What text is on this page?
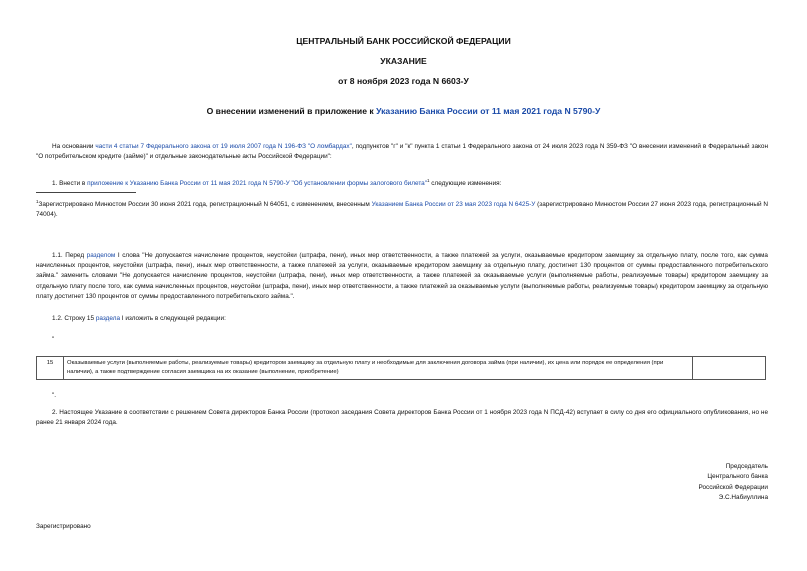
ЦЕНТРАЛЬНЫЙ БАНК РОССИЙСКОЙ ФЕДЕРАЦИИ
УКАЗАНИЕ
от 8 ноября 2023 года N 6603-У
О внесении изменений в приложение к Указанию Банка России от 11 мая 2021 года N 5790-У
На основании части 4 статьи 7 Федерального закона от 19 июля 2007 года N 196-ФЗ "О ломбардах", подпунктов "г" и "к" пункта 1 статьи 1 Федерального закона от 24 июля 2023 года N 359-ФЗ "О внесении изменений в Федеральный закон "О потребительском кредите (займе)" и отдельные законодательные акты Российской Федерации":
1. Внести в приложение к Указанию Банка России от 11 мая 2021 года N 5790-У "Об установлении формы залогового билета"$^1$ следующие изменения:
$^1$Зарегистрировано Минюстом России 30 июня 2021 года, регистрационный N 64051, с изменением, внесенным Указанием Банка России от 23 мая 2023 года N 6425-У (зарегистрировано Минюстом России 27 июня 2023 года, регистрационный N 74004).
1.1. Перед разделом I слова "Не допускается начисление процентов, неустойки (штрафа, пени), иных мер ответственности, а также платежей за услуги, оказываемые кредитором заемщику за отдельную плату, после того, как сумма начисленных процентов, неустойки (штрафа, пени), иных мер ответственности, а также платежей за услуги, оказываемые кредитором заемщику за отдельную плату, достигнет 130 процентов от суммы предоставленного потребительского займа." заменить словами "Не допускается начисление процентов, неустойки (штрафа, пени), иных мер ответственности, а также платежей за оказываемые услуги (выполняемые работы, реализуемые товары) кредитором заемщику за отдельную плату после того, как сумма начисленных процентов, неустойки (штрафа, пени), иных мер ответственности, а также платежей за оказываемые услуги (выполняемые работы, реализуемые товары) кредитором заемщику за отдельную плату достигнет 130 процентов от суммы предоставленного потребительского займа.".
1.2. Строку 15 раздела I изложить в следующей редакции:
"
15	Оказываемые услуги (выполняемые работы, реализуемые товары) кредитором заемщику за отдельную плату и необходимые для заключения договора займа (при наличии), их цена или порядок ее определения (при наличии), а также подтверждение согласия заемщика на их оказание (выполнение, приобретение)	
".
2. Настоящее Указание в соответствии с решением Совета директоров Банка России (протокол заседания Совета директоров Банка России от 1 ноября 2023 года N ПСД-42) вступает в силу со дня его официального опубликования, но не ранее 21 января 2024 года.
Председатель
Центрального банка
Российской Федерации
Э.С.Набиуллина
Зарегистрировано
